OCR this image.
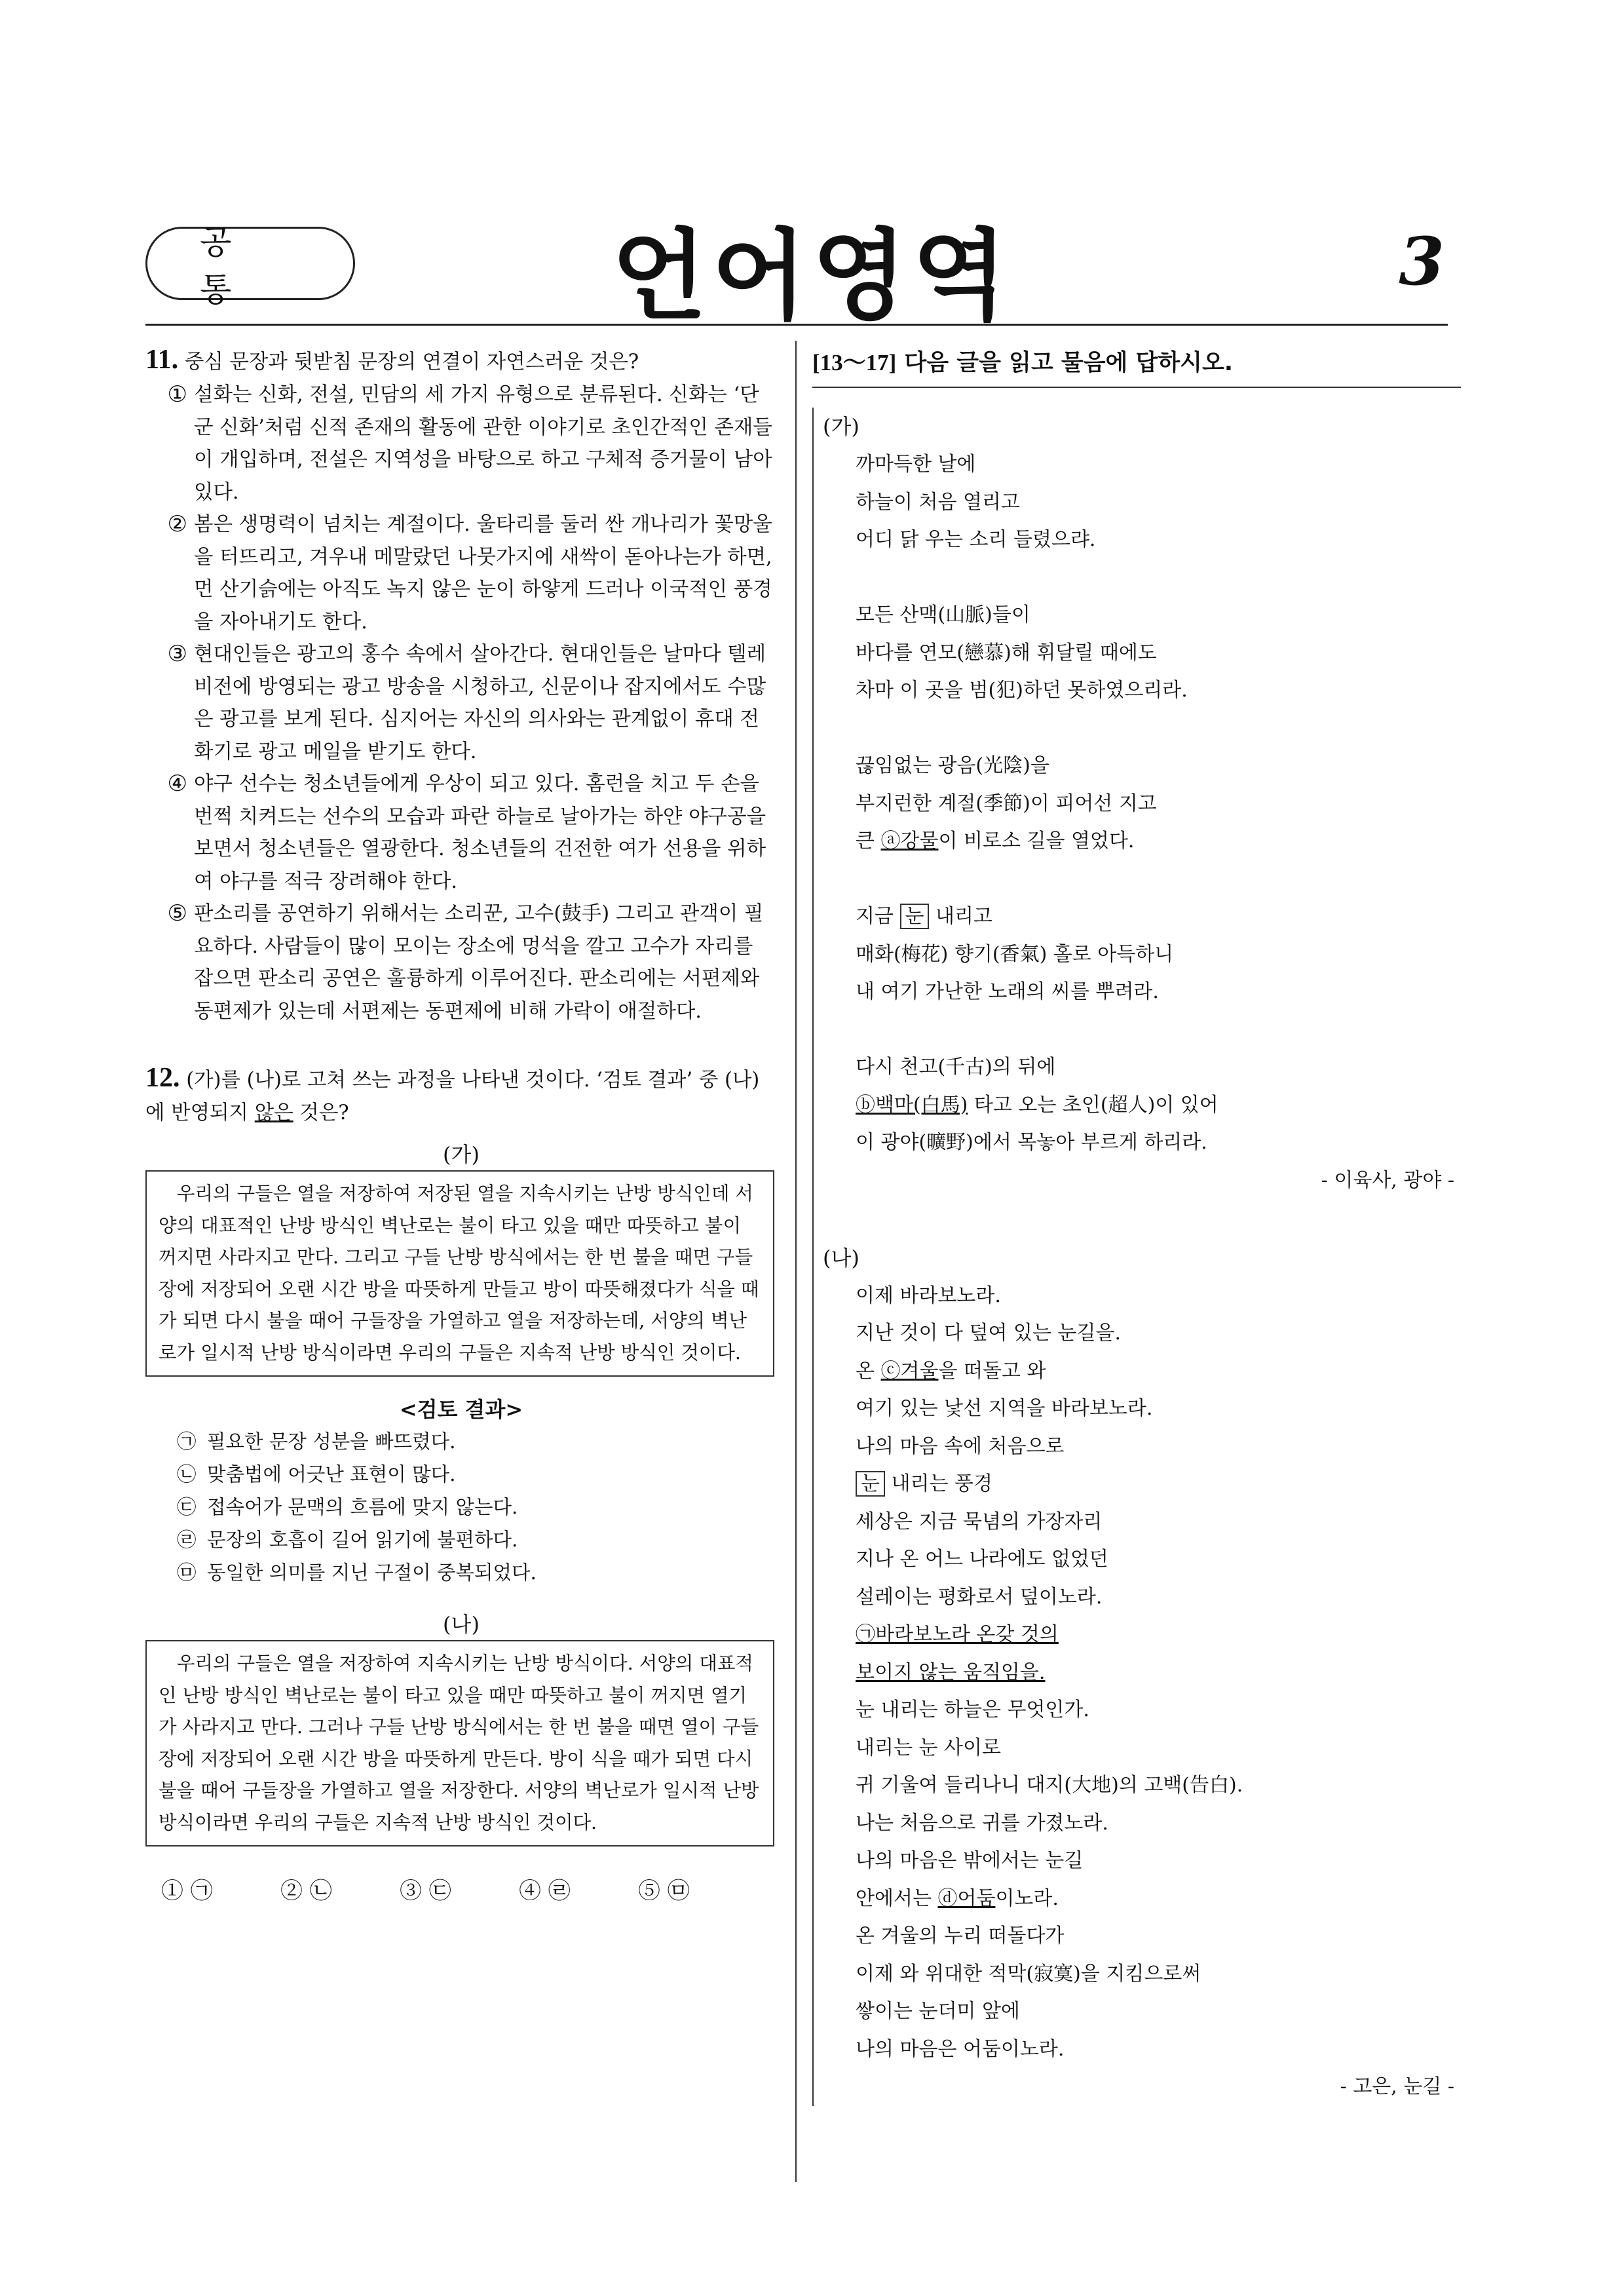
공 통	언어영역	3

11. 중심 문장과 뒷받침 문장의 연결이 자연스러운 것은?

① 설화는 신화, 전설, 민담의 세 가지 유형으로 분류된다. 신화는 ‘단군 신화’처럼 신적 존재의 활동에 관한 이야기로 초인간적인 존재들이 개입하며, 전설은 지역성을 바탕으로 하고 구체적 증거물이 남아 있다.
② 봄은 생명력이 넘치는 계절이다. 울타리를 둘러 싼 개나리가 꽃망울을 터뜨리고, 겨우내 메말랐던 나뭇가지에 새싹이 돋아나는가 하면, 먼 산기슭에는 아직도 녹지 않은 눈이 하얗게 드러나 이국적인 풍경을 자아내기도 한다.
③ 현대인들은 광고의 홍수 속에서 살아간다. 현대인들은 날마다 텔레비전에 방영되는 광고 방송을 시청하고, 신문이나 잡지에서도 수많은 광고를 보게 된다. 심지어는 자신의 의사와는 관계없이 휴대 전화기로 광고 메일을 받기도 한다.
④ 야구 선수는 청소년들에게 우상이 되고 있다. 홈런을 치고 두 손을 번쩍 치켜드는 선수의 모습과 파란 하늘로 날아가는 하얀 야구공을 보면서 청소년들은 열광한다. 청소년들의 건전한 여가 선용을 위하여 야구를 적극 장려해야 한다.
⑤ 판소리를 공연하기 위해서는 소리꾼, 고수(鼓手) 그리고 관객이 필요하다. 사람들이 많이 모이는 장소에 멍석을 깔고 고수가 자리를 잡으면 판소리 공연은 훌륭하게 이루어진다. 판소리에는 서편제와 동편제가 있는데 서편제는 동편제에 비해 가락이 애절하다.

12. (가)를 (나)로 고쳐 쓰는 과정을 나타낸 것이다. ‘검토 결과’ 중 (나)에 반영되지 않은 것은?

(가)
우리의 구들은 열을 저장하여 저장된 열을 지속시키는 난방 방식인데 서양의 대표적인 난방 방식인 벽난로는 불이 타고 있을 때만 따뜻하고 불이 꺼지면 사라지고 만다. 그리고 구들 난방 방식에서는 한 번 불을 때면 구들장에 저장되어 오랜 시간 방을 따뜻하게 만들고 방이 따뜻해졌다가 식을 때가 되면 다시 불을 때어 구들장을 가열하고 열을 저장하는데, 서양의 벽난로가 일시적 난방 방식이라면 우리의 구들은 지속적 난방 방식인 것이다.
<검토 결과>
㉠ 필요한 문장 성분을 빠뜨렸다.
㉡ 맞춤법에 어긋난 표현이 많다.
㉢ 접속어가 문맥의 흐름에 맞지 않는다.
㉣ 문장의 호흡이 길어 읽기에 불편하다.
㉤ 동일한 의미를 지닌 구절이 중복되었다.
(나)
우리의 구들은 열을 저장하여 지속시키는 난방 방식이다. 서양의 대표적인 난방 방식인 벽난로는 불이 타고 있을 때만 따뜻하고 불이 꺼지면 열기가 사라지고 만다. 그러나 구들 난방 방식에서는 한 번 불을 때면 열이 구들장에 저장되어 오랜 시간 방을 따뜻하게 만든다. 방이 식을 때가 되면 다시 불을 때어 구들장을 가열하고 열을 저장한다. 서양의 벽난로가 일시적 난방 방식이라면 우리의 구들은 지속적 난방 방식인 것이다.
① ㉠	② ㉡	③ ㉢	④ ㉣	⑤ ㉤
[13～17] 다음 글을 읽고 물음에 답하시오.
(가)
까마득한 날에
하늘이 처음 열리고
어디 닭 우는 소리 들렸으랴.
모든 산맥(山脈)들이
바다를 연모(戀慕)해 휘달릴 때에도
차마 이 곳을 범(犯)하던 못하였으리라.
끊임없는 광음(光陰)을
부지런한 계절(季節)이 피어선 지고
큰 ⓐ강물이 비로소 길을 열었다.
지금 눈 내리고
매화(梅花) 향기(香氣) 홀로 아득하니
내 여기 가난한 노래의 씨를 뿌려라.
다시 천고(千古)의 뒤에
ⓑ백마(白馬) 타고 오는 초인(超人)이 있어
이 광야(曠野)에서 목놓아 부르게 하리라.
- 이육사, 광야 -
(나)
이제 바라보노라.
지난 것이 다 덮여 있는 눈길을.
온 ⓒ겨울을 떠돌고 와
여기 있는 낯선 지역을 바라보노라.
나의 마음 속에 처음으로
눈 내리는 풍경
세상은 지금 묵념의 가장자리
지나 온 어느 나라에도 없었던
설레이는 평화로서 덮이노라.
㉠바라보노라 온갖 것의
보이지 않는 움직임을.
눈 내리는 하늘은 무엇인가.
내리는 눈 사이로
귀 기울여 들리나니 대지(大地)의 고백(告白).
나는 처음으로 귀를 가졌노라.
나의 마음은 밖에서는 눈길
안에서는 ⓓ어둠이노라.
온 겨울의 누리 떠돌다가
이제 와 위대한 적막(寂寞)을 지킴으로써
쌓이는 눈더미 앞에
나의 마음은 어둠이노라.
- 고은, 눈길 -
